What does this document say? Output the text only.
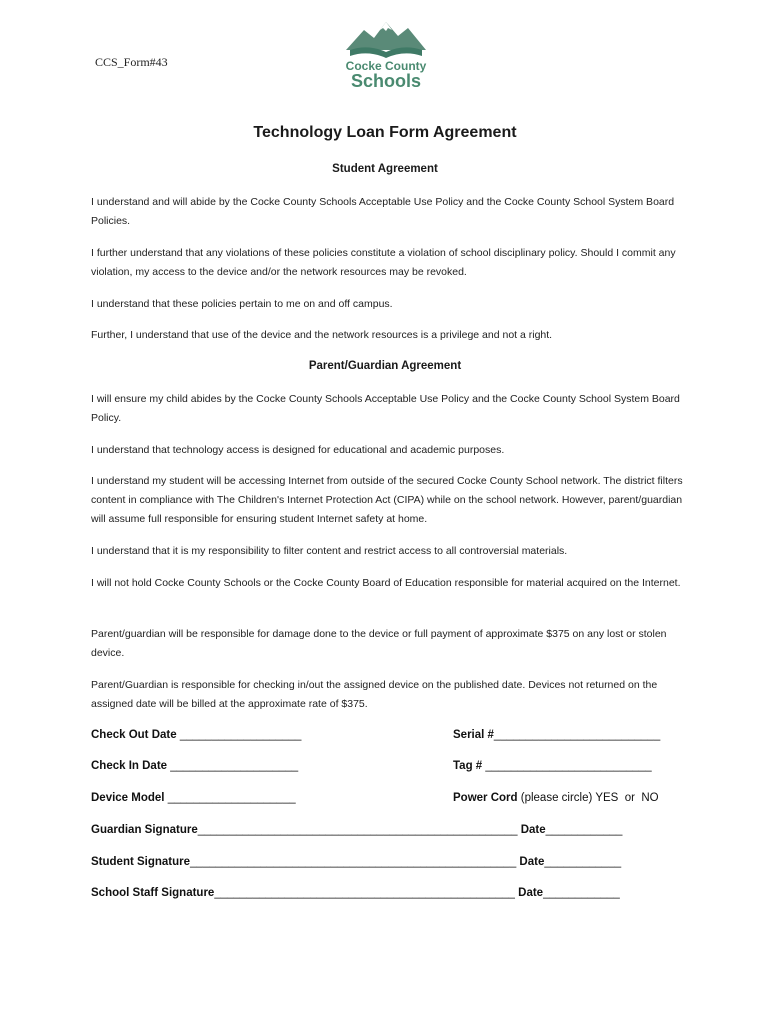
CCS_Form#43	Cocke County
Schools
Technology Loan Form Agreement
Student Agreement

I understand and will abide by the Cocke County Schools Acceptable Use Policy and the Cocke County School System Board Policies.

I further understand that any violations of these policies constitute a violation of school disciplinary policy. Should I commit any violation, my access to the device and/or the network resources may be revoked.

I understand that these policies pertain to me on and off campus.

Further, I understand that use of the device and the network resources is a privilege and not a right.

Parent/Guardian Agreement

I will ensure my child abides by the Cocke County Schools Acceptable Use Policy and the Cocke County School System Board Policy.

I understand that technology access is designed for educational and academic purposes.

I understand my student will be accessing Internet from outside of the secured Cocke County School network. The district filters content in compliance with The Children's Internet Protection Act (CIPA) while on the school network. However, parent/guardian will assume full responsible for ensuring student Internet safety at home.

I understand that it is my responsibility to filter content and restrict access to all controversial materials.

I will not hold Cocke County Schools or the Cocke County Board of Education responsible for material acquired on the Internet.

Parent/guardian will be responsible for damage done to the device or full payment of approximate $375 on any lost or stolen device.

Parent/Guardian is responsible for checking in/out the assigned device on the published date. Devices not returned on the assigned date will be billed at the approximate rate of $375.

Check Out Date ___________________	Serial #__________________________
Check In Date ____________________	Tag # __________________________
Device Model ____________________	Power Cord (please circle) YES or NO
Guardian Signature__________________________________________________ Date____________
Student Signature___________________________________________________ Date____________
School Staff Signature_______________________________________________ Date____________
